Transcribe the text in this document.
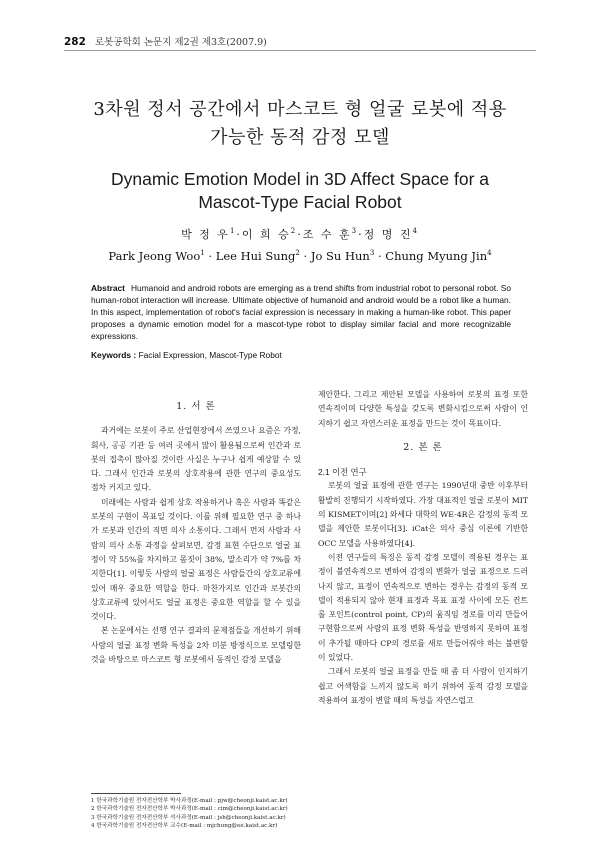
282 로봇공학회 논문지 제2권 제3호(2007.9)
3차원 정서 공간에서 마스코트 형 얼굴 로봇에 적용
가능한 동적 감정 모델
Dynamic Emotion Model in 3D Affect Space for a
Mascot-Type Facial Robot
박 정 우$^1$·이 희 승$^2$·조 수 훈$^3$·정 명 진$^4$
Park Jeong Woo$^1$ · Lee Hui Sung$^2$ · Jo Su Hun$^3$ · Chung Myung Jin$^4$
Abstract Humanoid and android robots are emerging as a trend shifts from industrial robot to personal robot. So human-robot interaction will increase. Ultimate objective of humanoid and android would be a robot like a human. In this aspect, implementation of robot's facial expression is necessary in making a human-like robot. This paper proposes a dynamic emotion model for a mascot-type robot to display similar facial and more recognizable expressions.
Keywords : Facial Expression, Mascot-Type Robot
1. 서 론

과거에는 로봇이 주로 산업현장에서 쓰였으나 요즘은 가정, 회사, 공공 기관 등 여러 곳에서 많이 활용됨으로써 인간과 로봇의 접촉이 많아질 것이란 사실은 누구나 쉽게 예상할 수 있다. 그래서 인간과 로봇의 상호작용에 관한 연구의 중요성도 점차 커지고 있다.

미래에는 사람과 쉽게 상호 작용하거나 혹은 사람과 똑같은 로봇의 구현이 목표일 것이다. 이를 위해 필요한 연구 중 하나가 로봇과 인간의 직면 의사 소통이다. 그래서 먼저 사람과 사람의 의사 소통 과정을 살펴보면, 감정 표현 수단으로 얼굴 표정이 약 55%를 차지하고 몸짓이 38%, 말소리가 약 7%를 차지한다[1]. 이렇듯 사람의 얼굴 표정은 사람들간의 상호교류에 있어 매우 중요한 역할을 한다. 마찬가지로 인간과 로봇간의 상호교류에 있어서도 얼굴 표정은 중요한 역할을 할 수 있을 것이다.

본 논문에서는 선행 연구 결과의 문제점들을 개선하기 위해 사람의 얼굴 표정 변화 특성을 2차 미분 방정식으로 모델링한 것을 바탕으로 마스코트 형 로봇에서 동적인 감정 모델을

제안한다. 그리고 제안된 모델을 사용하여 로봇의 표정 또한 연속적이며 다양한 특성을 갖도록 변화시킴으로써 사람이 인지하기 쉽고 자연스러운 표정을 만드는 것이 목표이다.

2. 본 론
2.1 이전 연구

로봇의 얼굴 표정에 관한 연구는 1990년대 중반 이후부터 활발히 진행되기 시작하였다. 가장 대표적인 얼굴 로봇이 MIT의 KISMET이며[2] 와세다 대학의 WE-4R은 감정의 동적 모델을 제안한 로봇이다[3]. iCat은 의사 중심 이론에 기반한 OCC 모델을 사용하였다[4].

이전 연구들의 특징은 동적 감정 모델이 적용된 경우는 표정이 불연속적으로 변하여 감정의 변화가 얼굴 표정으로 드러나지 않고, 표정이 연속적으로 변하는 경우는 감정의 동적 모델이 적용되지 않아 현재 표정과 목표 표정 사이에 모든 컨트롤 포인트(control point, CP)의 움직임 경로를 미리 만들어 구현함으로써 사람의 표정 변화 특성을 반영하지 못하며 표정이 추가될 때마다 CP의 경로를 새로 만들어줘야 하는 불편함이 있었다.

그래서 로봇의 얼굴 표정을 만들 때 좀 더 사람이 인지하기 쉽고 어색함을 느끼지 않도록 하기 위하여 동적 감정 모델을 적용하여 표정이 변할 때의 특성을 자연스럽고

1 한국과학기술원 전자전산학부 박사과정(E-mail : pjw@cheonji.kaist.ac.kr)
2 한국과학기술원 전자전산학부 박사과정(E-mail : cim@cheonji.kaist.ac.kr)
3 한국과학기술원 전자전산학부 석사과정(E-mail : jsh@cheonji.kaist.ac.kr)
4 한국과학기술원 전자전산학부 교수(E-mail : mjchung@ee.kaist.ac.kr)
